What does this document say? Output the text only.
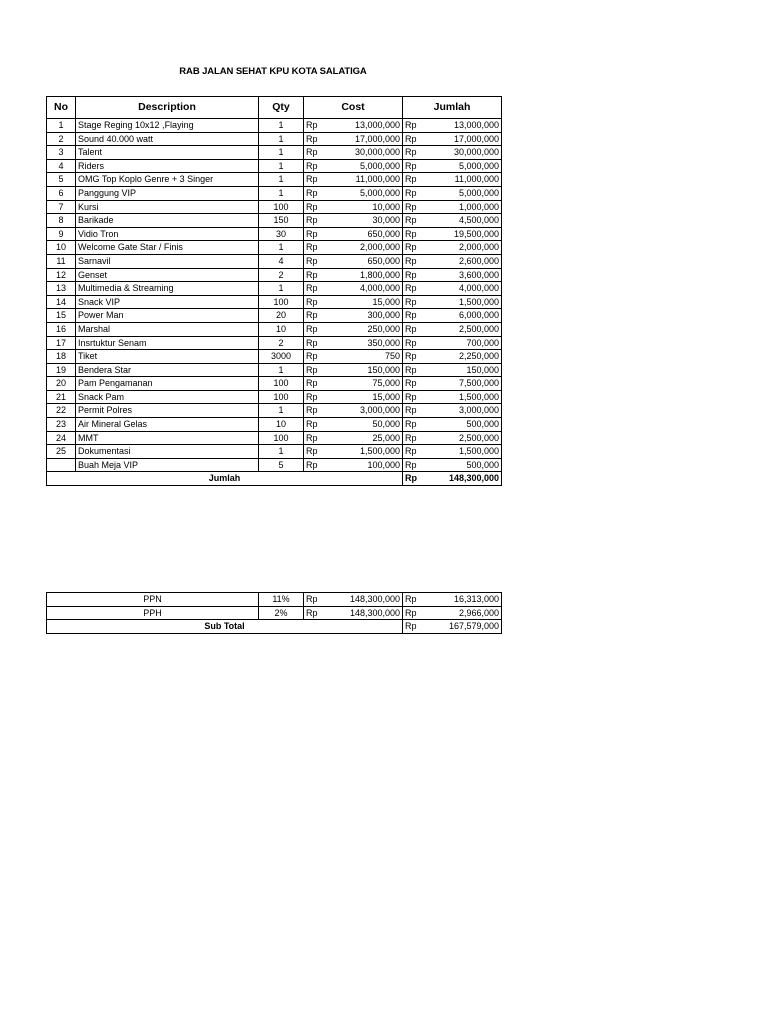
RAB JALAN SEHAT KPU KOTA SALATIGA
No	Description	Qty	Cost		Jumlah	
1	Stage Reging 10x12 ,Flaying	1	Rp	13,000,000	Rp	13,000,000
2	Sound 40.000 watt	1	Rp	17,000,000	Rp	17,000,000
3	Talent	1	Rp	30,000,000	Rp	30,000,000
4	Riders	1	Rp	5,000,000	Rp	5,000,000
5	OMG Top Koplo Genre + 3 Singer	1	Rp	11,000,000	Rp	11,000,000
6	Panggung VIP	1	Rp	5,000,000	Rp	5,000,000
7	Kursi	100	Rp	10,000	Rp	1,000,000
8	Barikade	150	Rp	30,000	Rp	4,500,000
9	Vidio Tron	30	Rp	650,000	Rp	19,500,000
10	Welcome Gate Star / Finis	1	Rp	2,000,000	Rp	2,000,000
11	Sarnavil	4	Rp	650,000	Rp	2,600,000
12	Genset	2	Rp	1,800,000	Rp	3,600,000
13	Multimedia & Streaming	1	Rp	4,000,000	Rp	4,000,000
14	Snack VIP	100	Rp	15,000	Rp	1,500,000
15	Power Man	20	Rp	300,000	Rp	6,000,000
16	Marshal	10	Rp	250,000	Rp	2,500,000
17	Insrtuktur Senam	2	Rp	350,000	Rp	700,000
18	Tiket	3000	Rp	750	Rp	2,250,000
19	Bendera Star	1	Rp	150,000	Rp	150,000
20	Pam Pengamanan	100	Rp	75,000	Rp	7,500,000
21	Snack Pam	100	Rp	15,000	Rp	1,500,000
22	Permit Polres	1	Rp	3,000,000	Rp	3,000,000
23	Air Mineral Gelas	10	Rp	50,000	Rp	500,000
24	MMT	100	Rp	25,000	Rp	2,500,000
25	Dokumentasi	1	Rp	1,500,000	Rp	1,500,000
	Buah Meja VIP	5	Rp	100,000	Rp	500,000
Jumlah					Rp	148,300,000
PPN	11%	Rp	148,300,000	Rp	16,313,000
PPH	2%	Rp	148,300,000	Rp	2,966,000
Sub Total				Rp	167,579,000
